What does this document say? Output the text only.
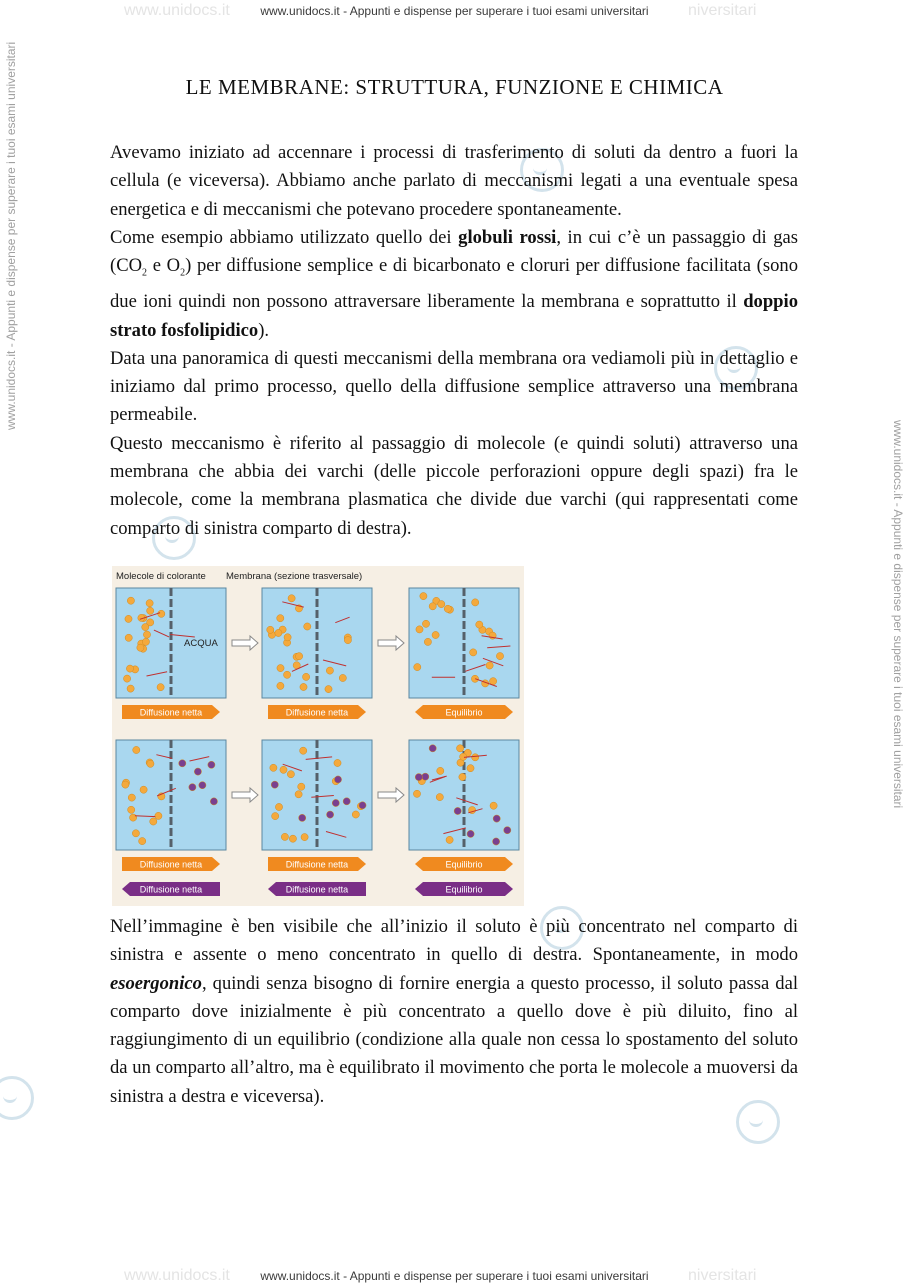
www.unidocs.it - Appunti e dispense per superare i tuoi esami universitari
www.unidocs.it	niversitari
www.unidocs.it - Appunti e dispense per superare i tuoi esami universitari
www.unidocs.it - Appunti e dispense per superare i tuoi esami universitari
LE MEMBRANE: STRUTTURA, FUNZIONE E CHIMICA
Avevamo iniziato ad accennare i processi di trasferimento di soluti da dentro a fuori la cellula (e viceversa). Abbiamo anche parlato di meccanismi legati a una eventuale spesa energetica e di meccanismi che potevano procedere spontaneamente.
Come esempio abbiamo utilizzato quello dei globuli rossi, in cui c’è un passaggio di gas ($CO_2$ e $O_2$) per diffusione semplice e di bicarbonato e cloruri per diffusione facilitata (sono due ioni quindi non possono attraversare liberamente la membrana e soprattutto il doppio strato fosfolipidico).
Data una panoramica di questi meccanismi della membrana ora vediamoli più in dettaglio e iniziamo dal primo processo, quello della diffusione semplice attraverso una membrana permeabile.
Questo meccanismo è riferito al passaggio di molecole (e quindi soluti) attraverso una membrana che abbia dei varchi (delle piccole perforazioni oppure degli spazi) fra le molecole, come la membrana plasmatica che divide due varchi (qui rappresentati come comparto di sinistra comparto di destra).
Diffusione netta
Diffusione netta
Diffusione netta
Diffusione netta
Diffusione netta
Diffusione netta
Equilibrio
Equilibrio
Equilibrio
Molecole di colorante Membrana (sezione trasversale)
ACQUA
Nell’immagine è ben visibile che all’inizio il soluto è più concentrato nel comparto di sinistra e assente o meno concentrato in quello di destra. Spontaneamente, in modo esoergonico, quindi senza bisogno di fornire energia a questo processo, il soluto passa dal comparto dove inizialmente è più concentrato a quello dove è più diluito, fino al raggiungimento di un equilibrio (condizione alla quale non cessa lo spostamento del soluto da un comparto all’altro, ma è equilibrato il movimento che porta le molecole a muoversi da sinistra a destra e viceversa).
www.unidocs.it - Appunti e dispense per superare i tuoi esami universitari
www.unidocs.it	niversitari
